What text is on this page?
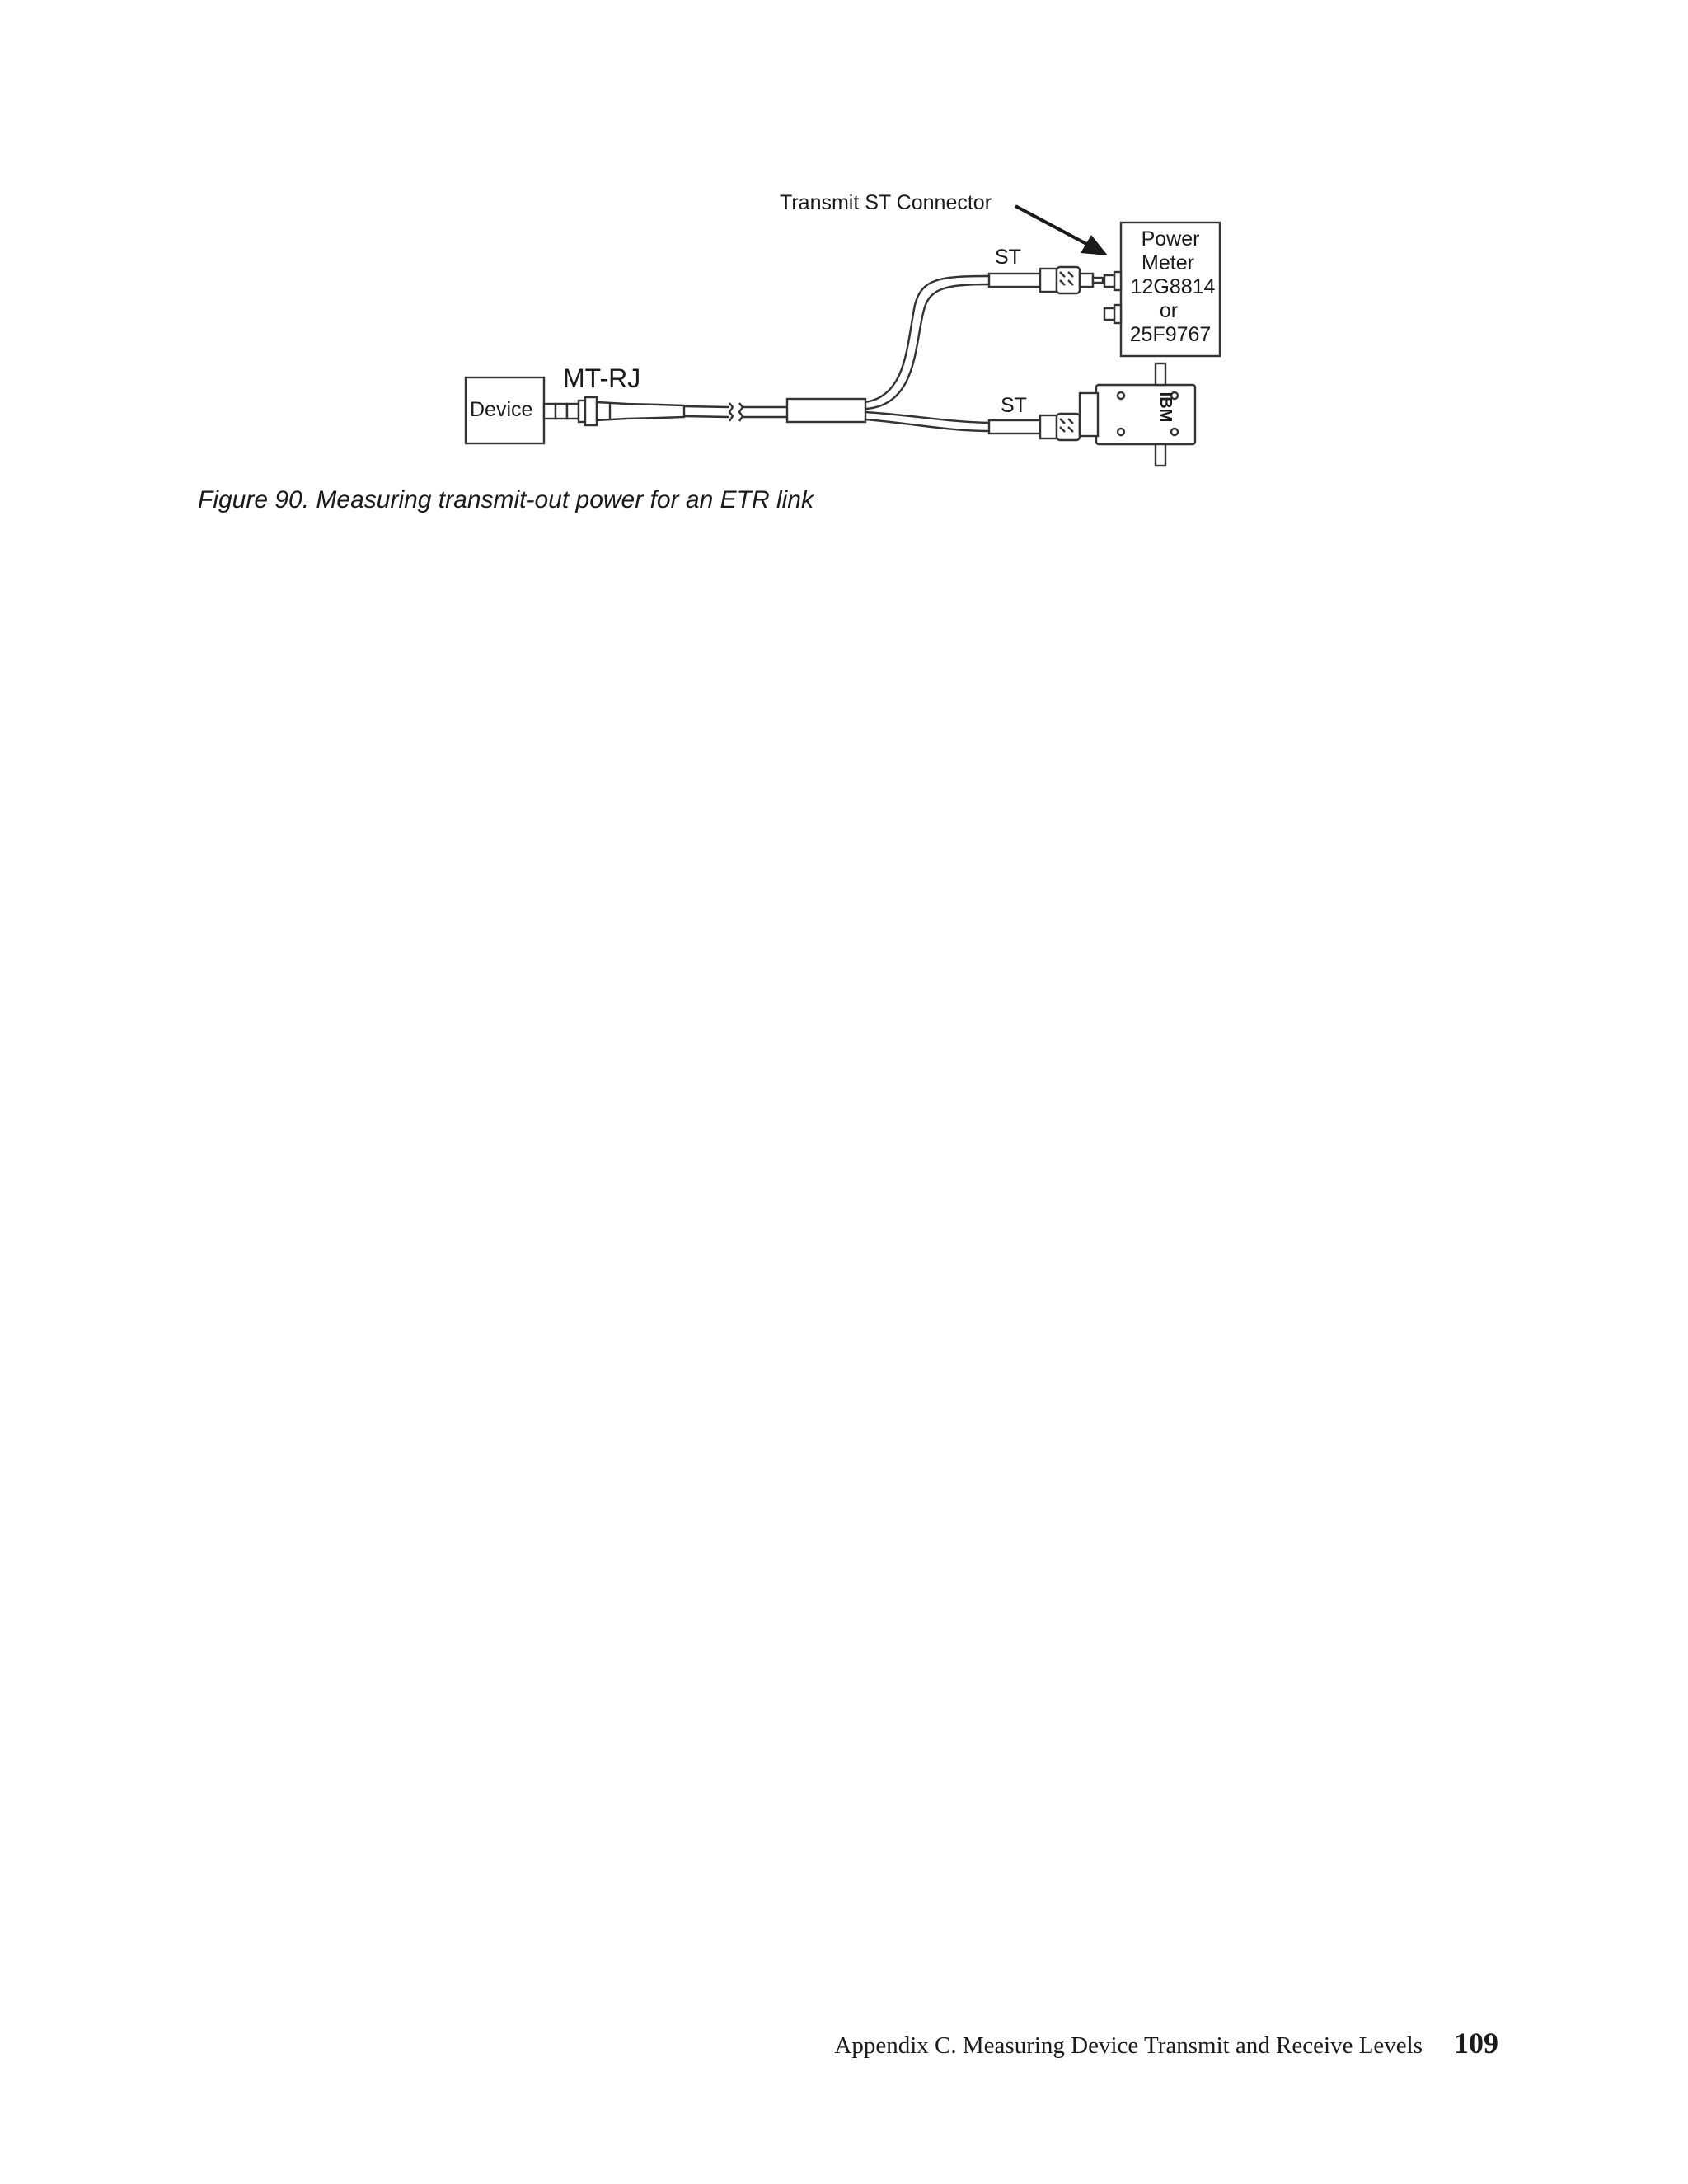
Transmit ST Connector
ST
ST
MT-RJ
Device
Power
Meter
12G8814
or
25F9767
IBM
Figure 90. Measuring transmit-out power for an ETR link
Appendix C. Measuring Device Transmit and Receive Levels 109
